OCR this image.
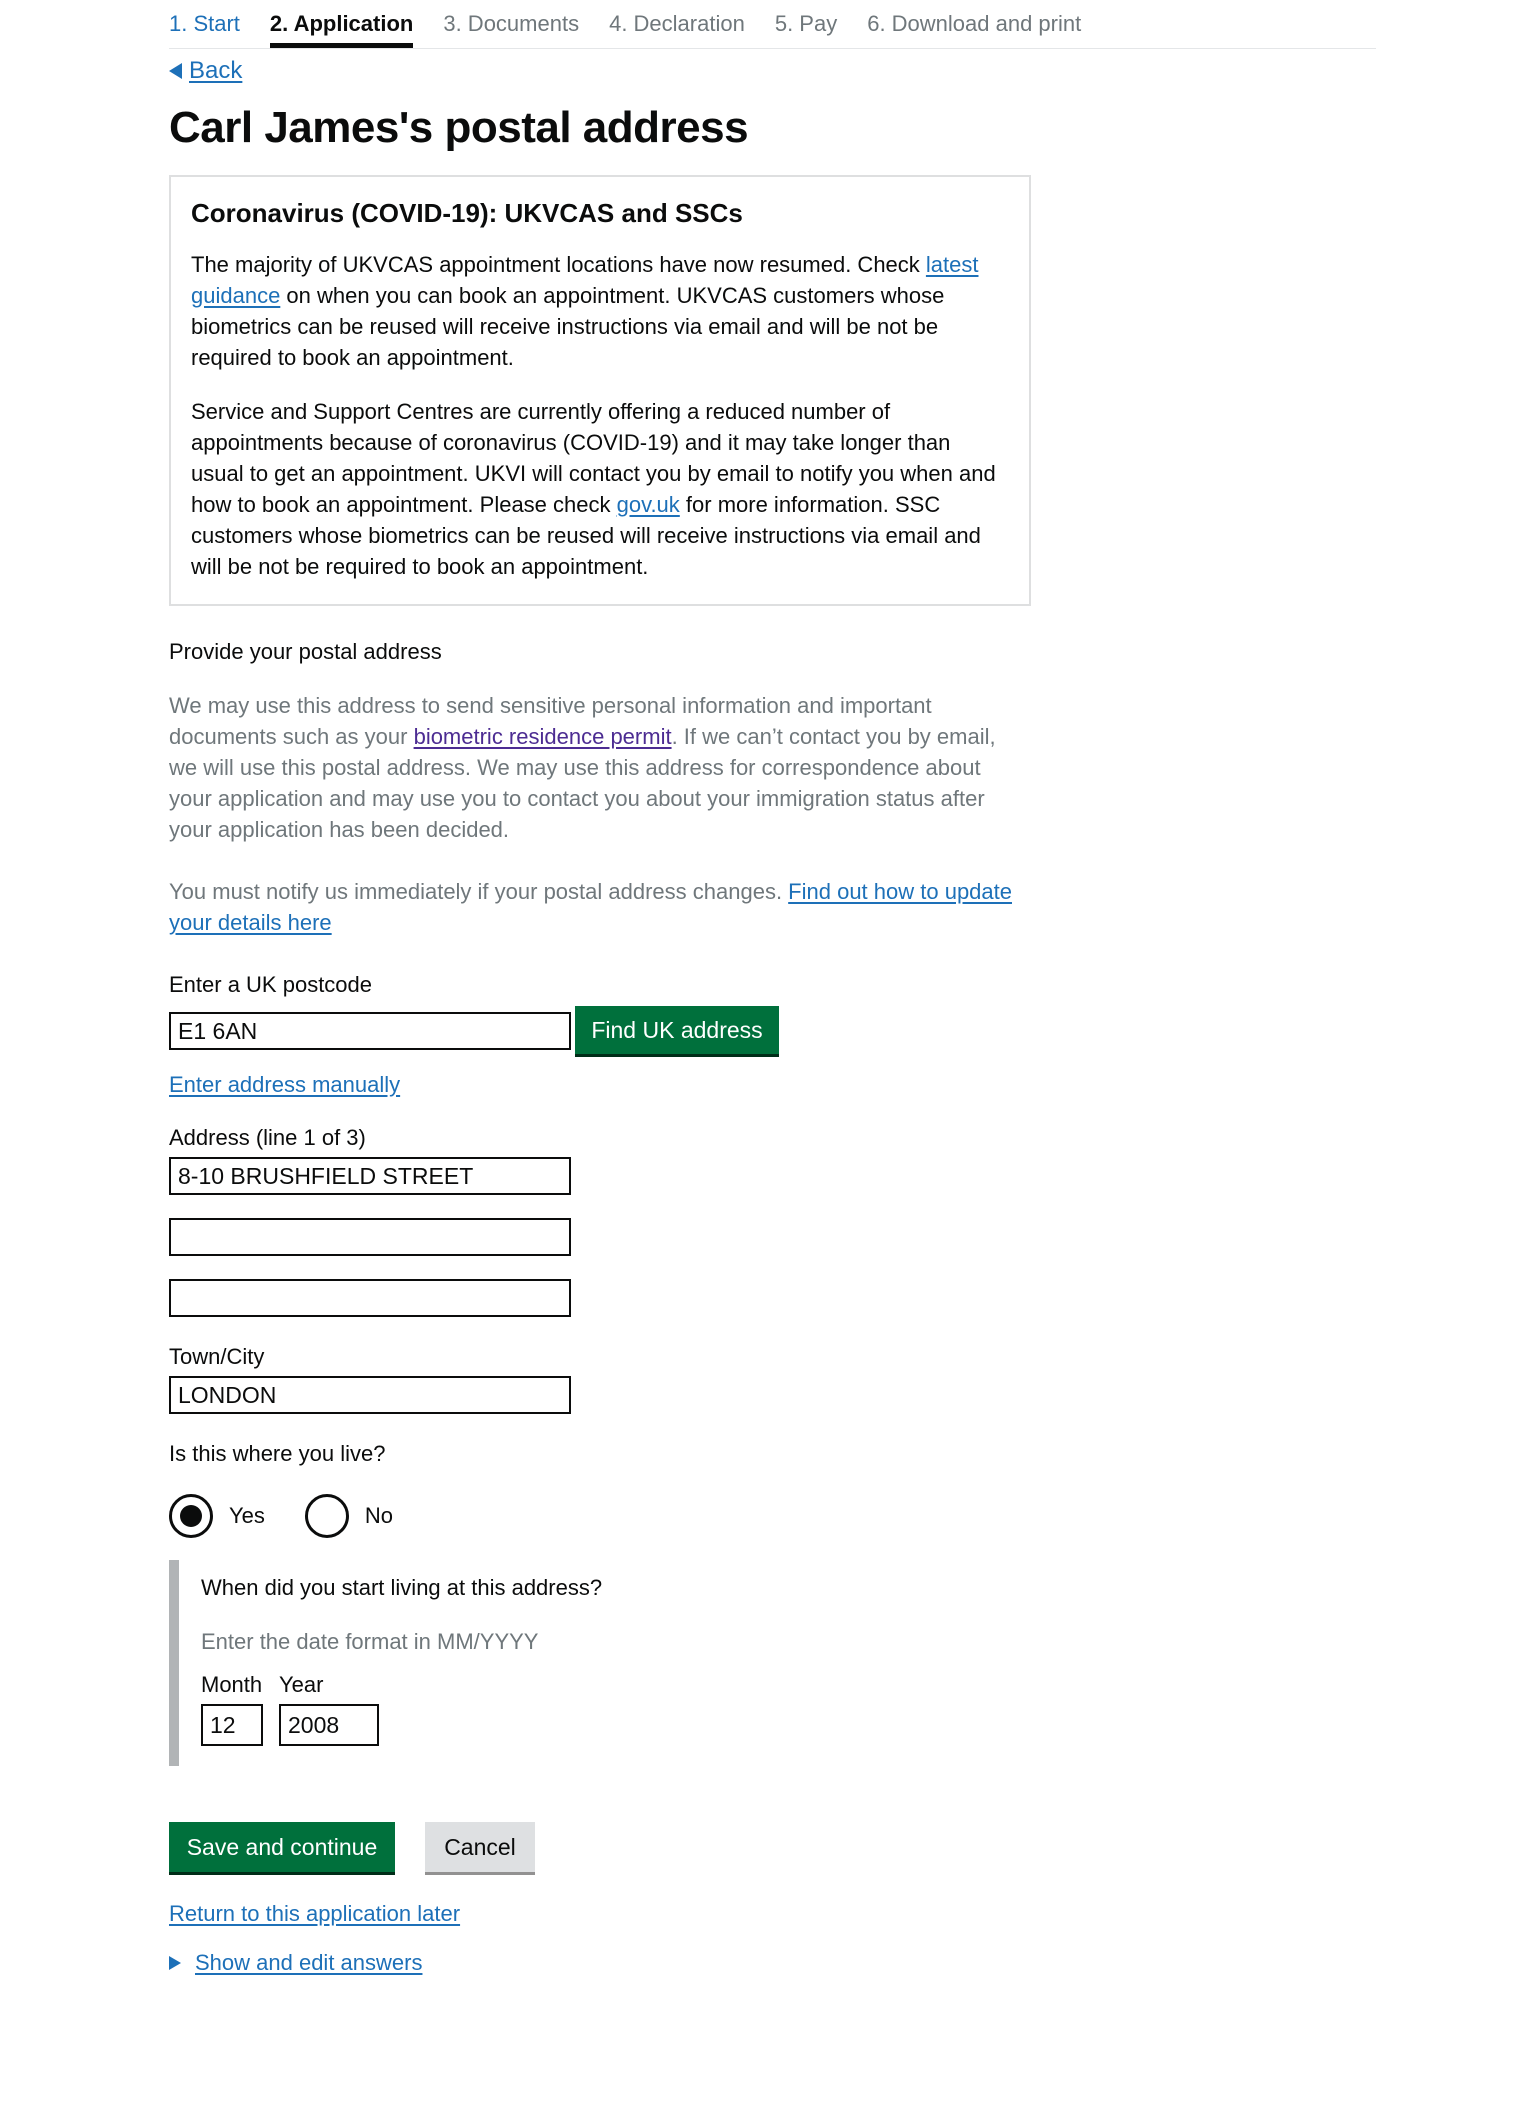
1. Start 2. Application 3. Documents 4. Declaration 5. Pay 6. Download and print
Back
Carl James's postal address
Coronavirus (COVID-19): UKVCAS and SSCs

The majority of UKVCAS appointment locations have now resumed. Check latest guidance on when you can book an appointment. UKVCAS customers whose biometrics can be reused will receive instructions via email and will be not be required to book an appointment.

Service and Support Centres are currently offering a reduced number of appointments because of coronavirus (COVID-19) and it may take longer than usual to get an appointment. UKVI will contact you by email to notify you when and how to book an appointment. Please check gov.uk for more information. SSC customers whose biometrics can be reused will receive instructions via email and will be not be required to book an appointment.

Provide your postal address

We may use this address to send sensitive personal information and important documents such as your biometric residence permit. If we can’t contact you by email, we will use this postal address. We may use this address for correspondence about your application and may use you to contact you about your immigration status after your application has been decided.

You must notify us immediately if your postal address changes. Find out how to update your details here

Enter a UK postcode

E1 6AN	Find UK address
Enter address manually

Address (line 1 of 3)

8-10 BRUSHFIELD STREET

Town/City

LONDON

Is this where you live?

Yes	No

When did you start living at this address?

Enter the date format in MM/YYYY

Month
12
Year
2008
Save and continue	Cancel
Return to this application later
Show and edit answers
